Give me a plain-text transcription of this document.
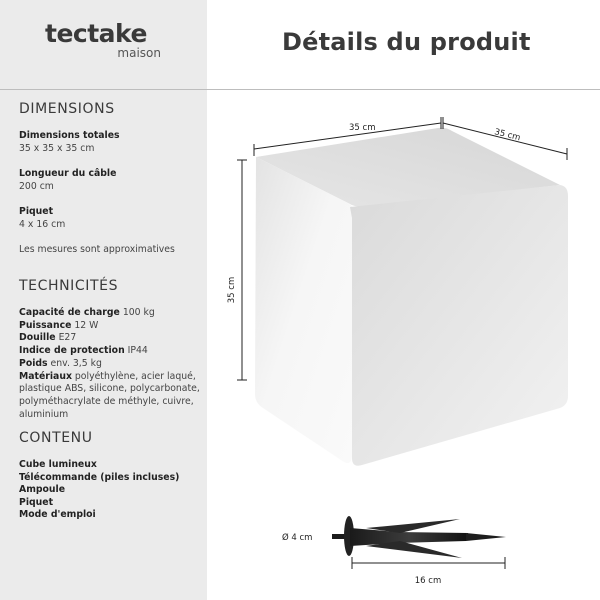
tectake
maison	Détails du produit
DIMENSIONS
Dimensions totales
35 x 35 x 35 cm
Longueur du câble
200 cm
Piquet
4 x 16 cm
Les mesures sont approximatives
TECHNICITÉS
Capacité de charge 100 kg
Puissance 12 W
Douille E27
Indice de protection IP44
Poids env. 3,5 kg
Matériaux polyéthylène, acier laqué, plastique ABS, silicone, polycarbonate, polyméthacrylate de méthyle, cuivre, aluminium
CONTENU
Cube lumineux
Télécommande (piles incluses)
Ampoule
Piquet
Mode d'emploi
35 cm	35 cm
35 cm
Ø 4 cm
16 cm
